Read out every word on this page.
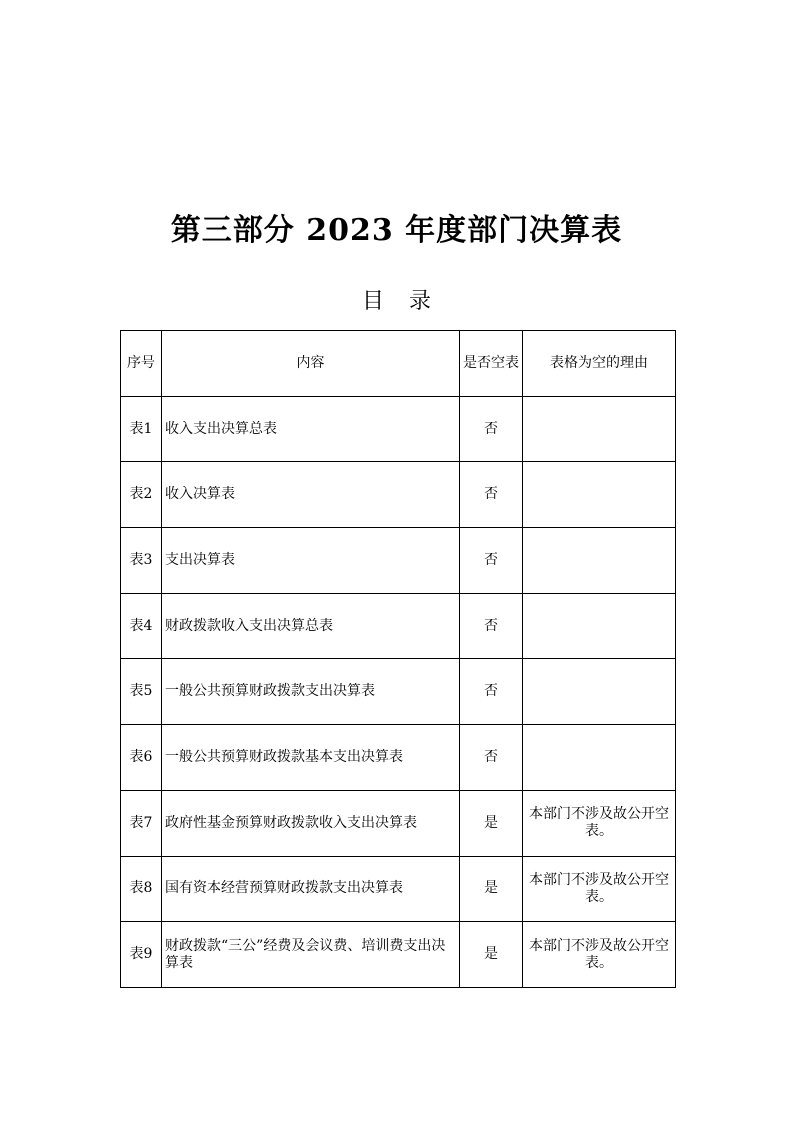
第三部分 2023 年度部门决算表
目 录
序号	内容	是否空表	表格为空的理由
表1	收入支出决算总表	否	
表2	收入决算表	否	
表3	支出决算表	否	
表4	财政拨款收入支出决算总表	否	
表5	一般公共预算财政拨款支出决算表	否	
表6	一般公共预算财政拨款基本支出决算表	否	
表7	政府性基金预算财政拨款收入支出决算表	是	本部门不涉及故公开空表。
表8	国有资本经营预算财政拨款支出决算表	是	本部门不涉及故公开空表。
表9	财政拨款“三公”经费及会议费、培训费支出决算表	是	本部门不涉及故公开空表。
